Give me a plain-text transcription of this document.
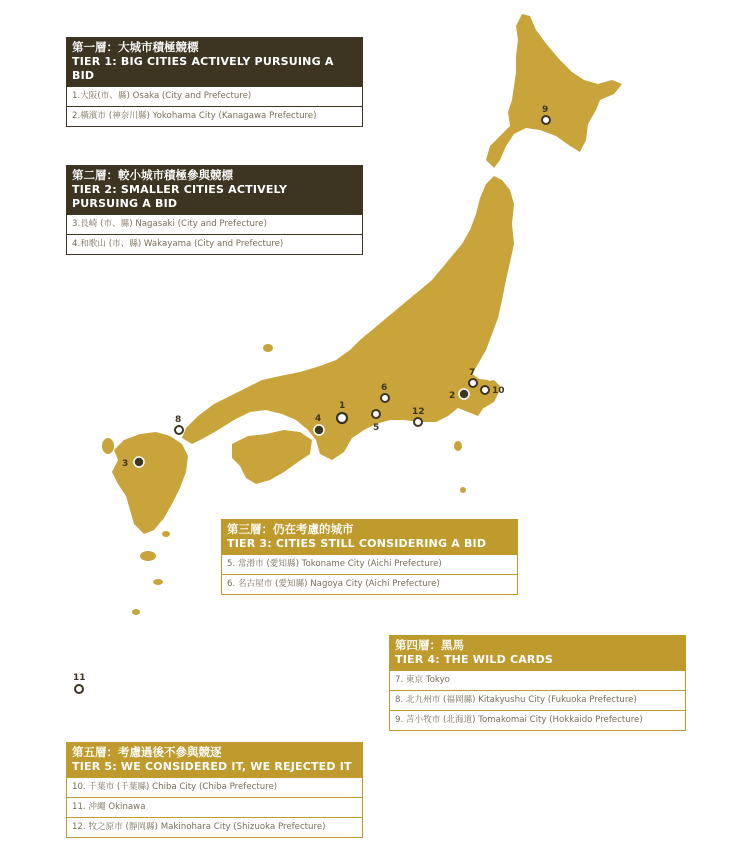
1
2
3
4
5
6
7
8
9
10
11
12
第一層：大城市積極競標
TIER 1: BIG CITIES ACTIVELY PURSUING A BID
1.大阪(市、縣) Osaka (City and Prefecture)
2.橫濱市 (神奈川縣) Yokohama City (Kanagawa Prefecture)
第二層：較小城市積極參與競標
TIER 2: SMALLER CITIES ACTIVELY PURSUING A BID
3.長崎 (市、縣) Nagasaki (City and Prefecture)
4.和歌山 (市、縣) Wakayama (City and Prefecture)
第三層：仍在考慮的城市
TIER 3: CITIES STILL CONSIDERING A BID
5. 常滑市 (愛知縣) Tokoname City (Aichi Prefecture)
6. 名古屋市 (愛知縣) Nagoya City (Aichi Prefecture)
第四層：黑馬
TIER 4: THE WILD CARDS
7. 東京 Tokyo
8. 北九州市 (福岡縣) Kitakyushu City (Fukuoka Prefecture)
9. 苫小牧市 (北海道) Tomakomai City (Hokkaido Prefecture)
第五層：考慮過後不參與競逐
TIER 5: WE CONSIDERED IT, WE REJECTED IT
10. 千葉市 (千葉縣) Chiba City (Chiba Prefecture)
11. 沖繩 Okinawa
12. 牧之原市 (靜岡縣) Makinohara City (Shizuoka Prefecture)
